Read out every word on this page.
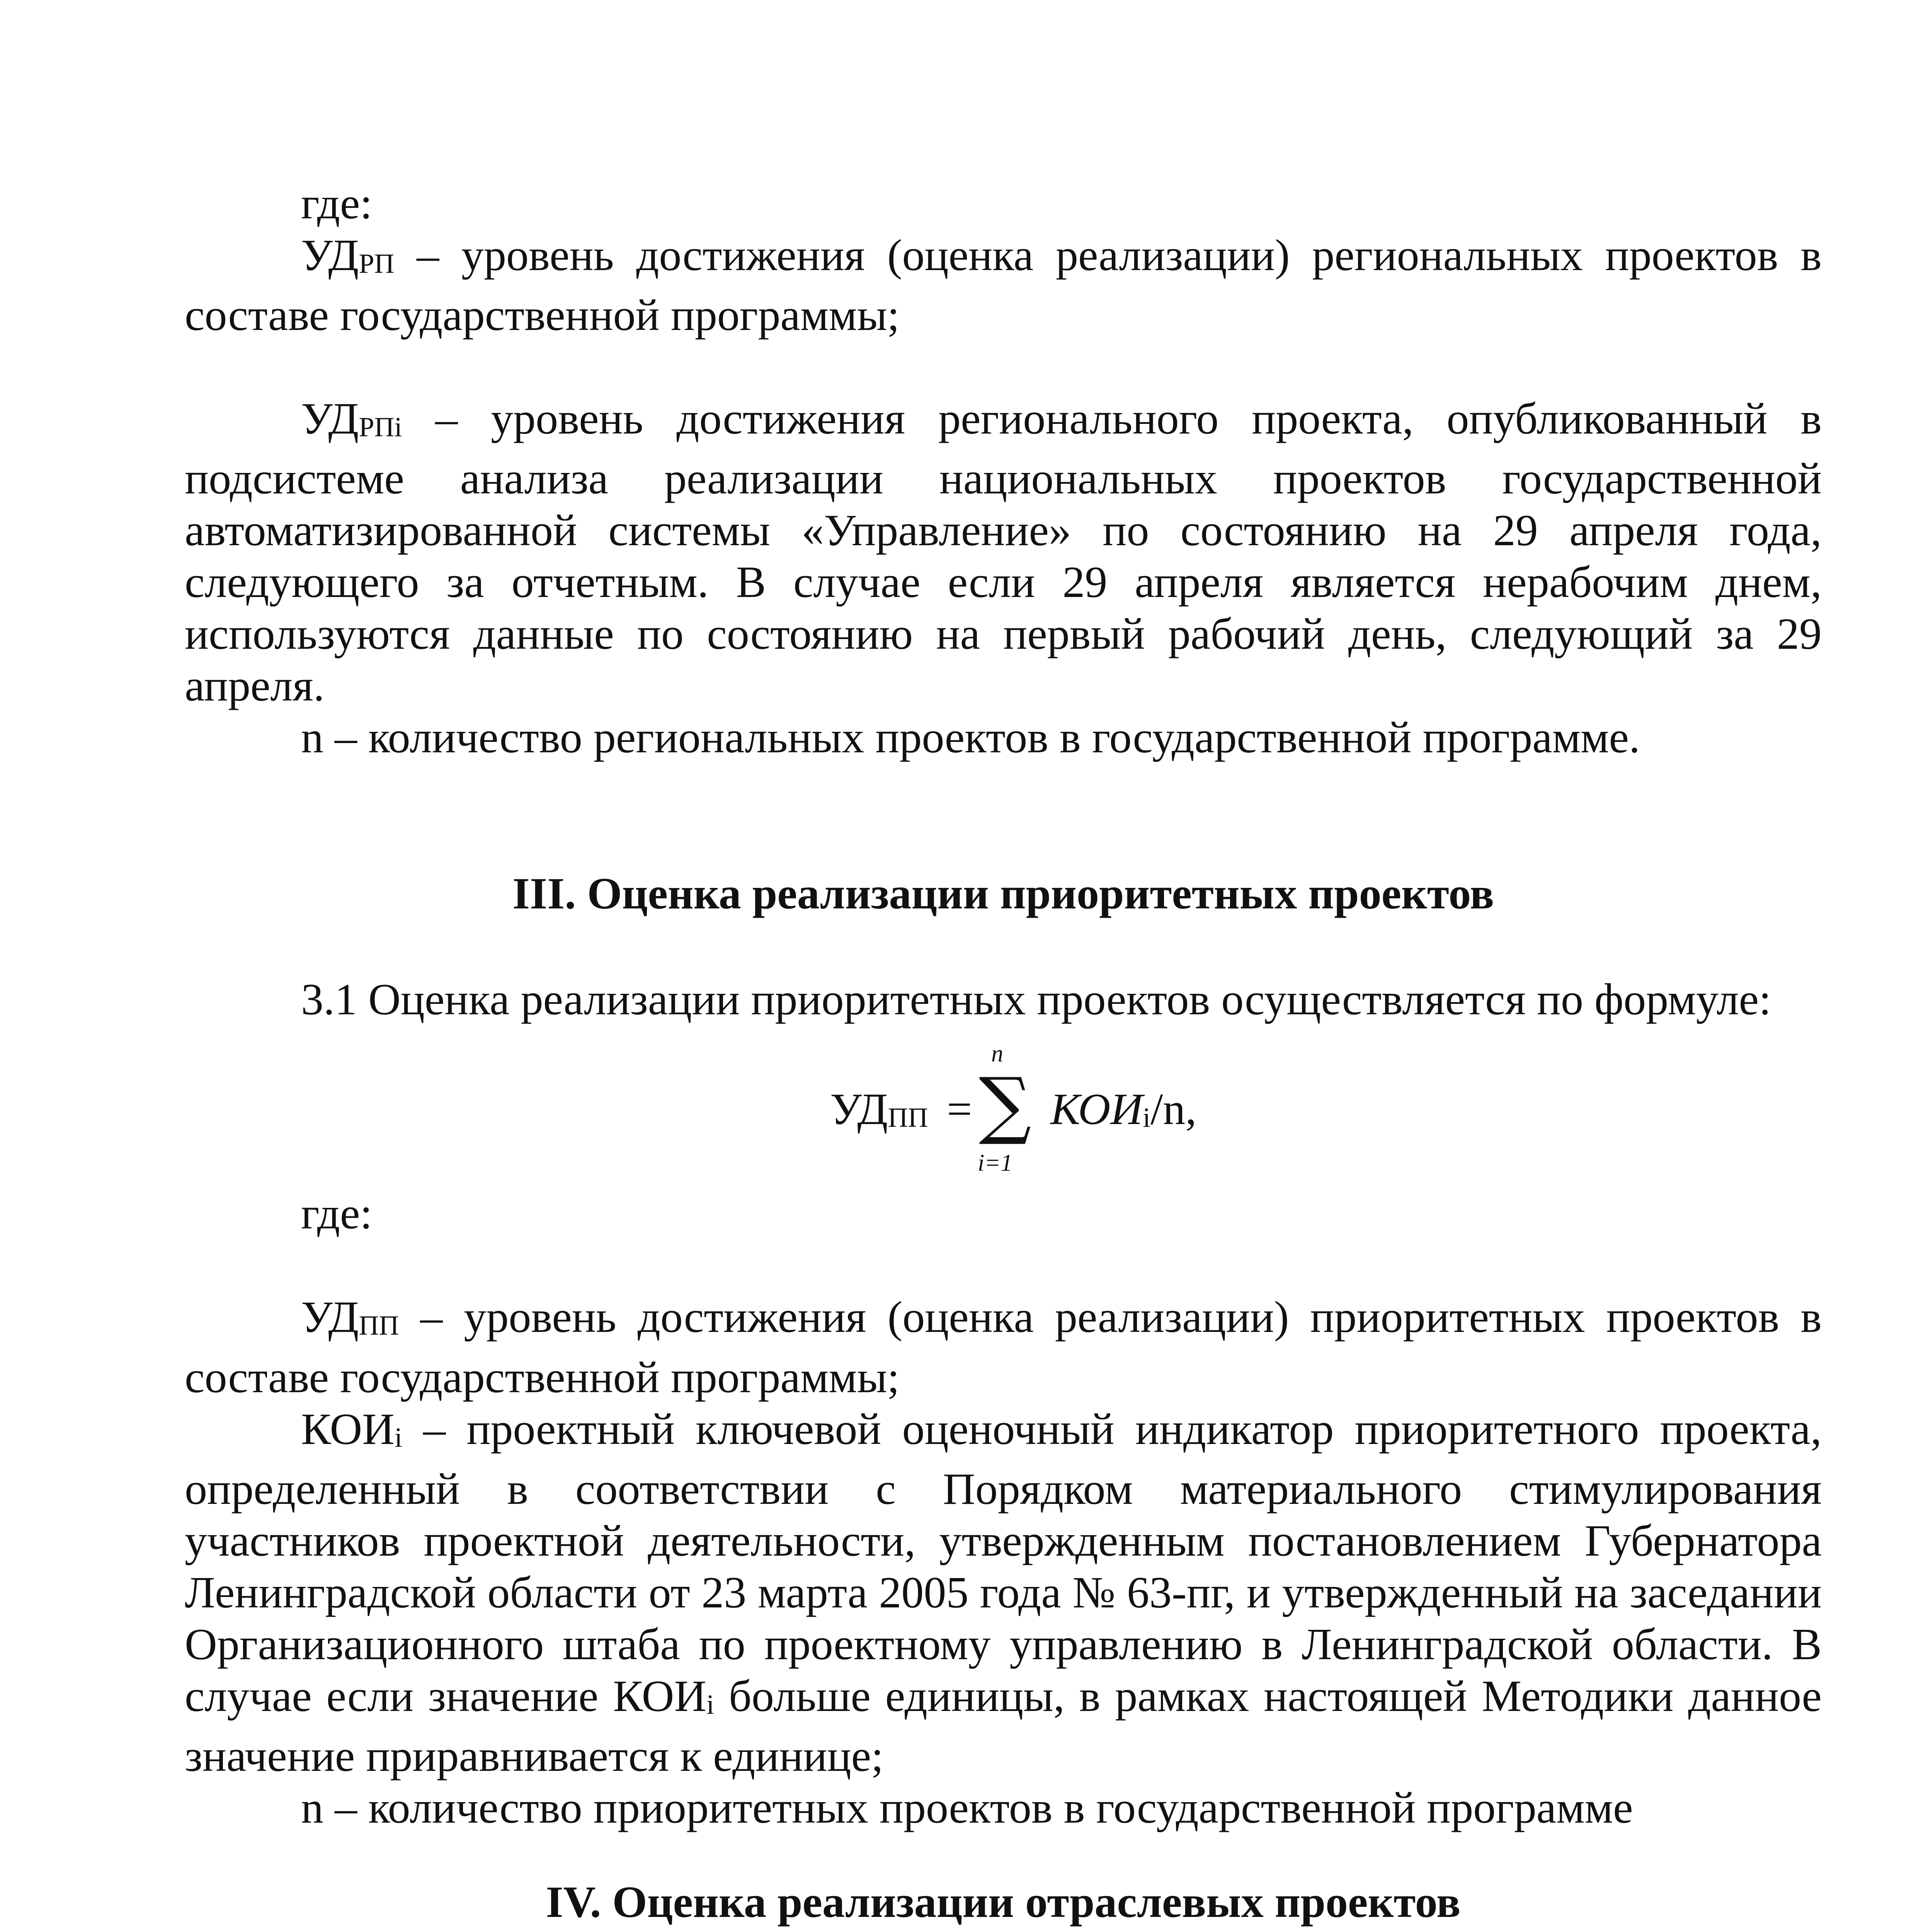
где:

УДРП – уровень достижения (оценка реализации) региональных проектов в составе государственной программы;

УДРПi – уровень достижения регионального проекта, опубликованный в подсистеме анализа реализации национальных проектов государственной автоматизированной системы «Управление» по состоянию на 29 апреля года, следующего за отчетным. В случае если 29 апреля является нерабочим днем, используются данные по состоянию на первый рабочий день, следующий за 29 апреля.

n – количество региональных проектов в государственной программе.

III. Оценка реализации приоритетных проектов

3.1 Оценка реализации приоритетных проектов осуществляется по формуле:

УДПП =
n
∑
i=1
КОИi/n,

где:

УДПП – уровень достижения (оценка реализации) приоритетных проектов в составе государственной программы;

КОИi – проектный ключевой оценочный индикатор приоритетного проекта, определенный в соответствии с Порядком материального стимулирования участников проектной деятельности, утвержденным постановлением Губернатора Ленинградской области от 23 марта 2005 года № 63-пг, и утвержденный на заседании Организационного штаба по проектному управлению в Ленинградской области. В случае если значение КОИi больше единицы, в рамках настоящей Методики данное значение приравнивается к единице;

n – количество приоритетных проектов в государственной программе

IV. Оценка реализации отраслевых проектов
